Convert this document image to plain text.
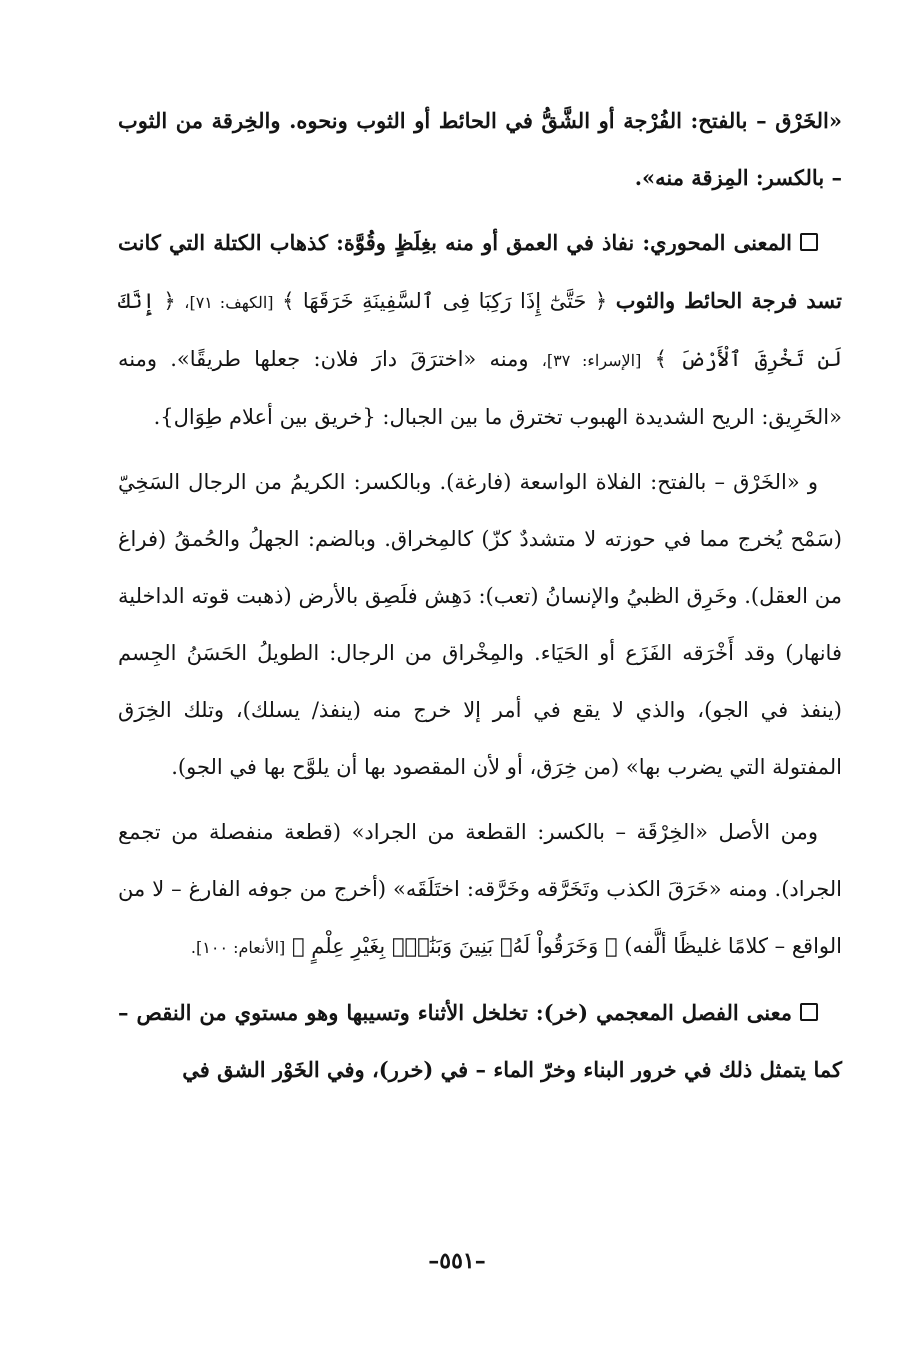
«الخَرْق – بالفتح: الفُرْجة أو الشَّقُّ في الحائط أو الثوب ونحوه. والخِرقة من الثوب – بالكسر: المِزقة منه».

المعنى المحوري: نفاذ في العمق أو منه بغِلَظٍ وقُوَّة: كذهاب الكتلة التي كانت تسد فرجة الحائط والثوب ﴿ حَتَّىٰٓ إِذَا رَكِبَا فِى ٱلسَّفِينَةِ خَرَقَهَا ﴾ [الكهف: ٧١]، ﴿ إِنَّكَ لَن تَخْرِقَ ٱلْأَرْضَ ﴾ [الإسراء: ٣٧]، ومنه «اخترَقَ دارَ فلان: جعلها طريقًا». ومنه «الخَرِيق: الريح الشديدة الهبوب تخترق ما بين الجبال: {خريق بين أعلام طِوَال}.

و «الخَرْق – بالفتح: الفلاة الواسعة (فارغة). وبالكسر: الكريمُ من الرجال السَخِيّ (سَمْح يُخرج مما في حوزته لا متشددٌ كزّ) كالمِخراق. وبالضم: الجهلُ والحُمقُ (فراغ من العقل). وخَرِق الظبيُ والإنسانُ (تعب): دَهِش فلَصِق بالأرض (ذهبت قوته الداخلية فانهار) وقد أَخْرَقه الفَزَع أو الحَيَاء. والمِخْراق من الرجال: الطويلُ الحَسَنُ الجِسم (ينفذ في الجو)، والذي لا يقع في أمر إلا خرج منه (ينفذ/ يسلك)، وتلك الخِرَق المفتولة التي يضرب بها» (من خِرَق، أو لأن المقصود بها أن يلوَّح بها في الجو).

ومن الأصل «الخِرْقَة – بالكسر: القطعة من الجراد» (قطعة منفصلة من تجمع الجراد). ومنه «خَرَقَ الكذب وتَخَرَّقه وخَرَّقه: اختَلَقَه» (أخرج من جوفه الفارغ – لا من الواقع – كلامًا غليظًا ألَّفه) ﴿ وَخَرَقُواْ لَهُۥ بَنِينَ وَبَنَٰتِۭ بِغَيْرِ عِلْمٍ ﴾ [الأنعام: ١٠٠].

معنى الفصل المعجمي (خر): تخلخل الأثناء وتسيبها وهو مستوي من النقص – كما يتمثل ذلك في خرور البناء وخرّ الماء – في (خرر)، وفي الخَوْر الشق في

–٥٥١–
